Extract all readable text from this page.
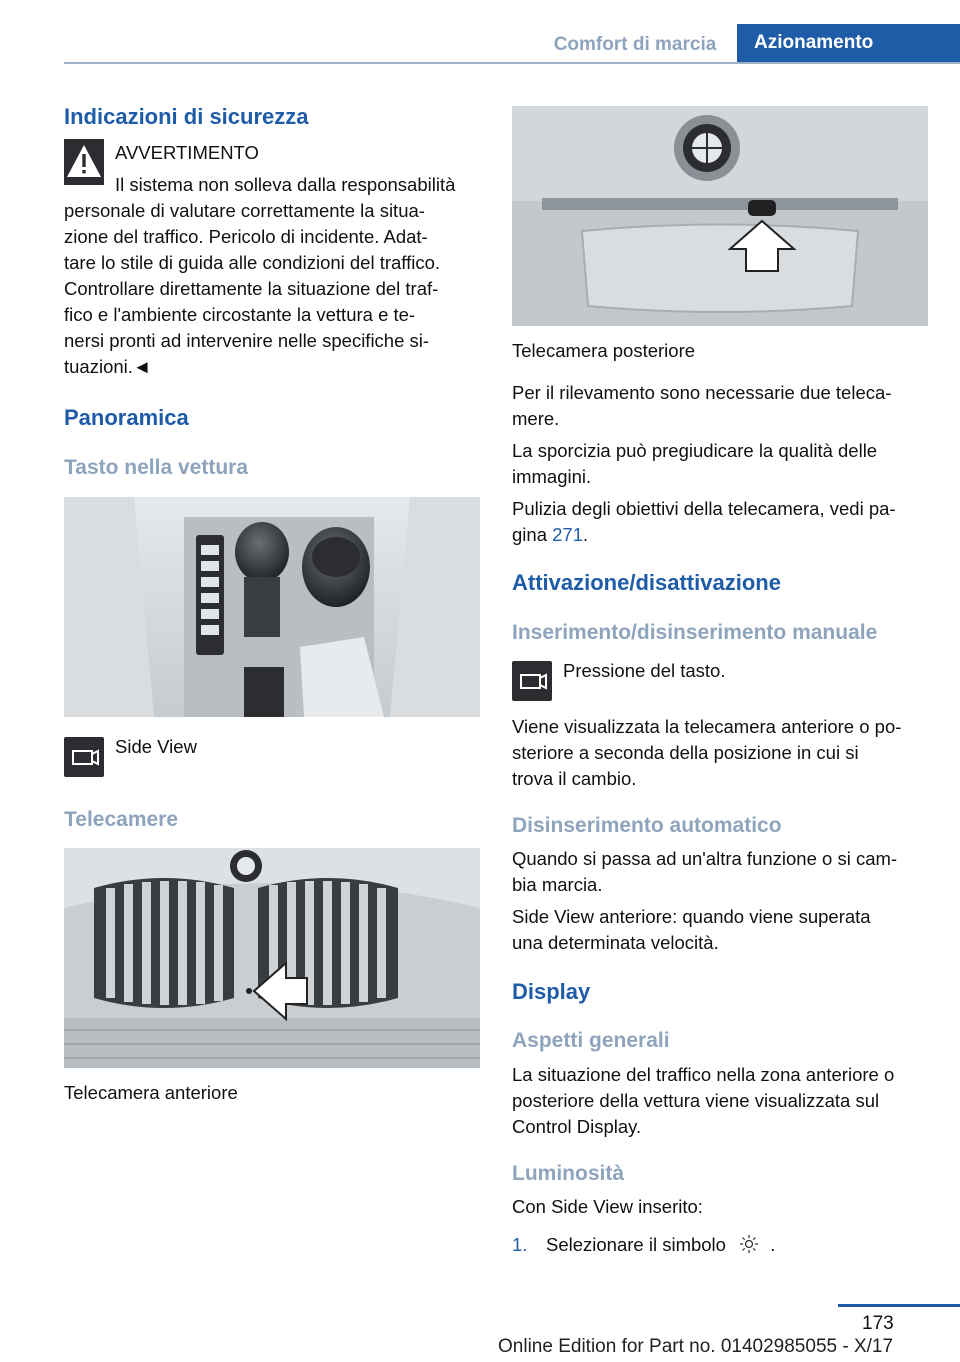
Comfort di marcia	Azionamento
Indicazioni di sicurezza
AVVERTIMENTO
Il sistema non solleva dalla responsabilità
personale di valutare correttamente la situa-
zione del traffico. Pericolo di incidente. Adat-
tare lo stile di guida alle condizioni del traffico.
Controllare direttamente la situazione del traf-
fico e l'ambiente circostante la vettura e te-
nersi pronti ad intervenire nelle specifiche si-
tuazioni.◄
Panoramica
Tasto nella vettura
Side View
Telecamere
Telecamera anteriore
Telecamera posteriore
Per il rilevamento sono necessarie due teleca-
mere.
La sporcizia può pregiudicare la qualità delle
immagini.
Pulizia degli obiettivi della telecamera, vedi pa-
gina 271.
Attivazione/disattivazione
Inserimento/disinserimento manuale
Pressione del tasto.
Viene visualizzata la telecamera anteriore o po-
steriore a seconda della posizione in cui si
trova il cambio.
Disinserimento automatico
Quando si passa ad un'altra funzione o si cam-
bia marcia.
Side View anteriore: quando viene superata
una determinata velocità.
Display
Aspetti generali
La situazione del traffico nella zona anteriore o
posteriore della vettura viene visualizzata sul
Control Display.
Luminosità
Con Side View inserito:
1. Selezionare il simbolo .
173
Online Edition for Part no. 01402985055 - X/17
